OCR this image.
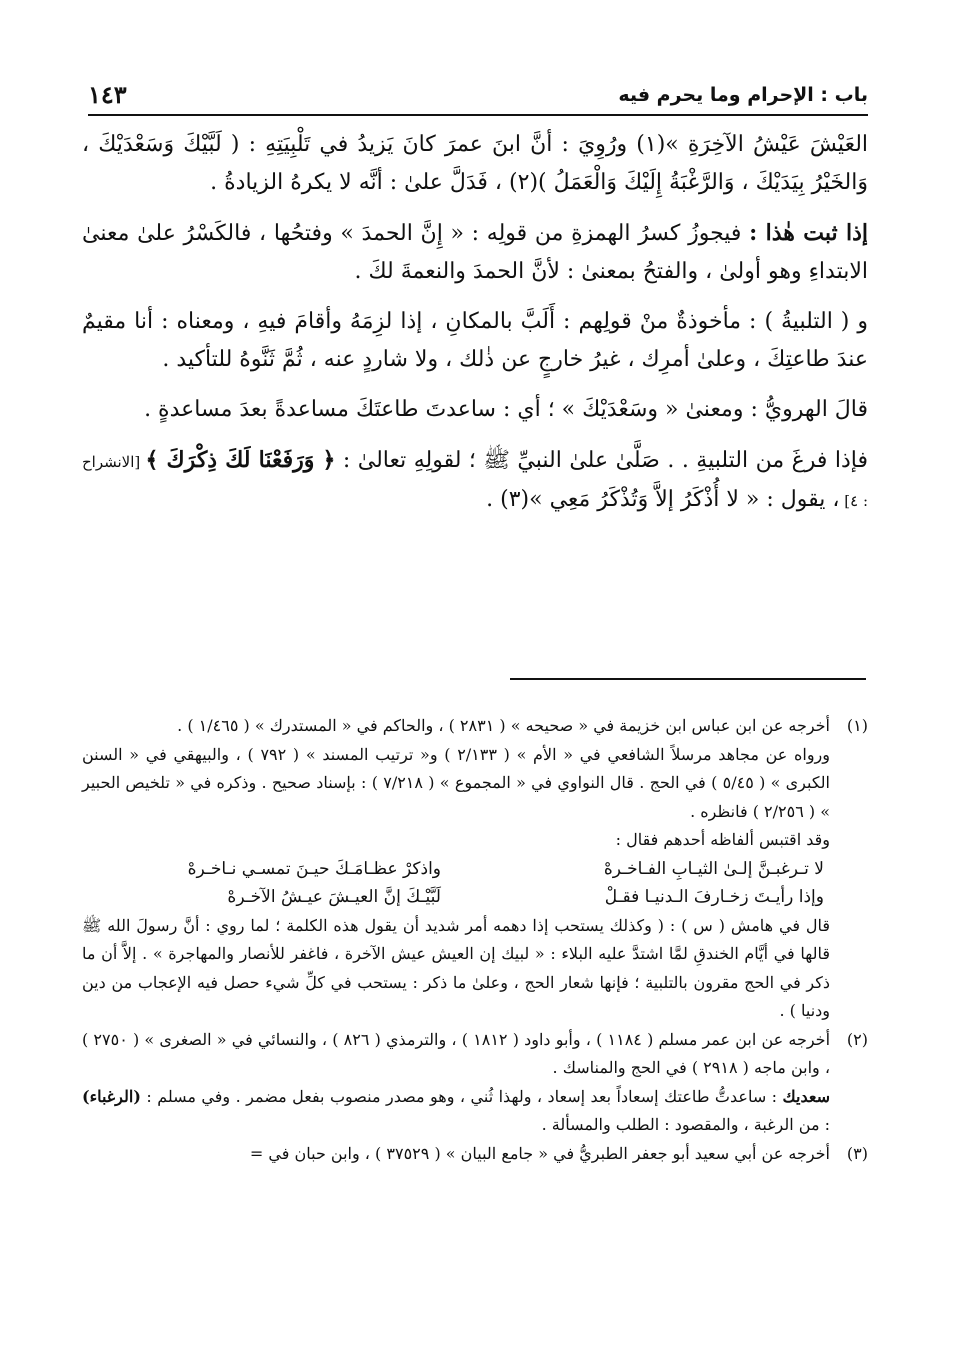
باب : الإحرام وما يحرم فيه
١٤٣

العَيْشَ عَيْشُ الآخِرَةِ »(١) ورُوِيَ : أنَّ ابنَ عمرَ كانَ يَزيدُ في تَلْبِيَتِهِ : ( لَبَّيْكَ وَسَعْدَيْكَ ، وَالخَيْرُ بِيَدَيْكَ ، وَالرَّغْبَةُ إِلَيْكَ وَالْعَمَلُ )(٢) ، فَدَلَّ علىٰ : أنَّه لا يكرهُ الزيادةُ .

إذا ثبت هٰذا : فيجوزُ كسرُ الهمزةِ من قولِه : « إِنَّ الحمدَ » وفتحُها ، فالكَسْرُ علىٰ معنىٰ الابتداءِ وهو أولىٰ ، والفتحُ بمعنىٰ : لأنَّ الحمدَ والنعمةَ لكَ .

و ( التلبيةُ ) : مأخوذةٌ منْ قولِهم : أَلَبَّ بالمكانِ ، إذا لزِمَهُ وأقامَ فيهِ ، ومعناه : أنا مقيمٌ عندَ طاعتِكَ ، وعلىٰ أمرِك ، غيرُ خارجٍ عن ذٰلك ، ولا شاردٍ عنه ، ثُمَّ ثَنَّوهُ للتأكيد .

قالَ الهرويُّ : ومعنىٰ « وسَعْدَيْكَ » ؛ أي : ساعدتَ طاعتَكَ مساعدةً بعدَ مساعدةٍ .

فإذا فرغَ من التلبيةِ . . صَلَّىٰ علىٰ النبيِّ ﷺ ؛ لقولِهِ تعالىٰ : ﴿ وَرَفَعْنَا لَكَ ذِكْرَكَ ﴾ [الانشراح : ٤] ، يقول : « لا أُذْكَرُ إلاَّ وَتُذْكَرُ مَعِي »(٣) .

(١)

أخرجه عن ابن عباس ابن خزيمة في « صحيحه » ( ٢٨٣١ ) ، والحاكم في « المستدرك » ( ١/٤٦٥ ) .

ورواه عن مجاهد مرسلاً الشافعي في « الأم » ( ٢/١٣٣ ) و« ترتيب المسند » ( ٧٩٢ ) ، والبيهقي في « السنن الكبرى » ( ٥/٤٥ ) في الحج . قال النواوي في « المجموع » ( ٧/٢١٨ ) : بإسناد صحيح . وذكره في « تلخيص الحبير » ( ٢/٢٥٦ ) فانظره .

وقد اقتبس ألفاظه أحدهم فقال :

لا تـرغبـنَّ إلـىٰ الثيـابِ الفـاخـرهْ
واذكرْ عظـامَـكَ حيـنَ تمسـي نـاخـرهْ
وإذا رأيـتَ زخـارفَ الـدنيـا فقـلْ
لَبَّيْـكَ إنَّ العيـشَ عيـشُ الآخـرهْ

قال في هامش ( س ) : ( وكذلك يستحب إذا دهمه أمر شديد أن يقول هذه الكلمة ؛ لما روي : أنَّ رسولَ الله ﷺ قالها في أيَّام الخندقِ لمَّا اشتدَّ عليه البلاء : « لبيك إن العيش عيش الآخرة ، فاغفر للأنصار والمهاجرة » . إلاَّ أن ما ذكر في الحج مقرون بالتلبية ؛ فإنها شعار الحج ، وعلىٰ ما ذكر : يستحب في كلِّ شيء حصل فيه الإعجاب من دين ودنيا ) .

(٢)

أخرجه عن ابن عمر مسلم ( ١١٨٤ ) ، وأبو داود ( ١٨١٢ ) ، والترمذي ( ٨٢٦ ) ، والنسائي في « الصغرى » ( ٢٧٥٠ ) ، وابن ماجه ( ٢٩١٨ ) في الحج والمناسك .

سعديك : ساعدتُّ طاعتك إسعاداً بعد إسعاد ، ولهذا ثُني ، وهو مصدر منصوب بفعل مضمر . وفي مسلم : (الرغباء) : من الرغبة ، والمقصود : الطلب والمسألة .

(٣)

أخرجه عن أبي سعيد أبو جعفر الطبريُّ في « جامع البيان » ( ٣٧٥٢٩ ) ، وابن حبان في =
